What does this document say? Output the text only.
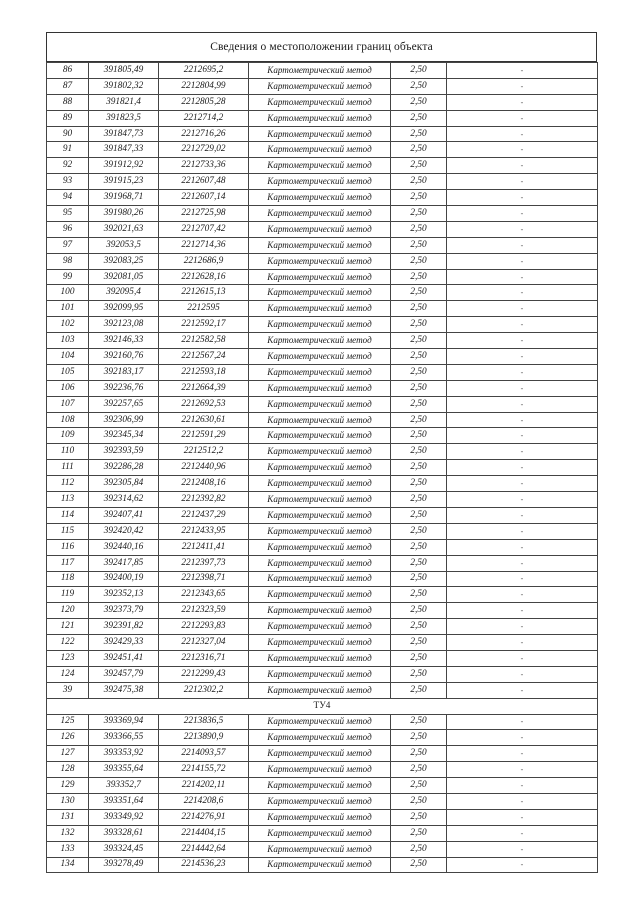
Сведения о местоположении границ объекта
86	391805,49	2212695,2	Картометрический метод	2,50	-
87	391802,32	2212804,99	Картометрический метод	2,50	-
88	391821,4	2212805,28	Картометрический метод	2,50	-
89	391823,5	2212714,2	Картометрический метод	2,50	-
90	391847,73	2212716,26	Картометрический метод	2,50	-
91	391847,33	2212729,02	Картометрический метод	2,50	-
92	391912,92	2212733,36	Картометрический метод	2,50	-
93	391915,23	2212607,48	Картометрический метод	2,50	-
94	391968,71	2212607,14	Картометрический метод	2,50	-
95	391980,26	2212725,98	Картометрический метод	2,50	-
96	392021,63	2212707,42	Картометрический метод	2,50	-
97	392053,5	2212714,36	Картометрический метод	2,50	-
98	392083,25	2212686,9	Картометрический метод	2,50	-
99	392081,05	2212628,16	Картометрический метод	2,50	-
100	392095,4	2212615,13	Картометрический метод	2,50	-
101	392099,95	2212595	Картометрический метод	2,50	-
102	392123,08	2212592,17	Картометрический метод	2,50	-
103	392146,33	2212582,58	Картометрический метод	2,50	-
104	392160,76	2212567,24	Картометрический метод	2,50	-
105	392183,17	2212593,18	Картометрический метод	2,50	-
106	392236,76	2212664,39	Картометрический метод	2,50	-
107	392257,65	2212692,53	Картометрический метод	2,50	-
108	392306,99	2212630,61	Картометрический метод	2,50	-
109	392345,34	2212591,29	Картометрический метод	2,50	-
110	392393,59	2212512,2	Картометрический метод	2,50	-
111	392286,28	2212440,96	Картометрический метод	2,50	-
112	392305,84	2212408,16	Картометрический метод	2,50	-
113	392314,62	2212392,82	Картометрический метод	2,50	-
114	392407,41	2212437,29	Картометрический метод	2,50	-
115	392420,42	2212433,95	Картометрический метод	2,50	-
116	392440,16	2212411,41	Картометрический метод	2,50	-
117	392417,85	2212397,73	Картометрический метод	2,50	-
118	392400,19	2212398,71	Картометрический метод	2,50	-
119	392352,13	2212343,65	Картометрический метод	2,50	-
120	392373,79	2212323,59	Картометрический метод	2,50	-
121	392391,82	2212293,83	Картометрический метод	2,50	-
122	392429,33	2212327,04	Картометрический метод	2,50	-
123	392451,41	2212316,71	Картометрический метод	2,50	-
124	392457,79	2212299,43	Картометрический метод	2,50	-
39	392475,38	2212302,2	Картометрический метод	2,50	-
ТУ4					
125	393369,94	2213836,5	Картометрический метод	2,50	-
126	393366,55	2213890,9	Картометрический метод	2,50	-
127	393353,92	2214093,57	Картометрический метод	2,50	-
128	393355,64	2214155,72	Картометрический метод	2,50	-
129	393352,7	2214202,11	Картометрический метод	2,50	-
130	393351,64	2214208,6	Картометрический метод	2,50	-
131	393349,92	2214276,91	Картометрический метод	2,50	-
132	393328,61	2214404,15	Картометрический метод	2,50	-
133	393324,45	2214442,64	Картометрический метод	2,50	-
134	393278,49	2214536,23	Картометрический метод	2,50	-
